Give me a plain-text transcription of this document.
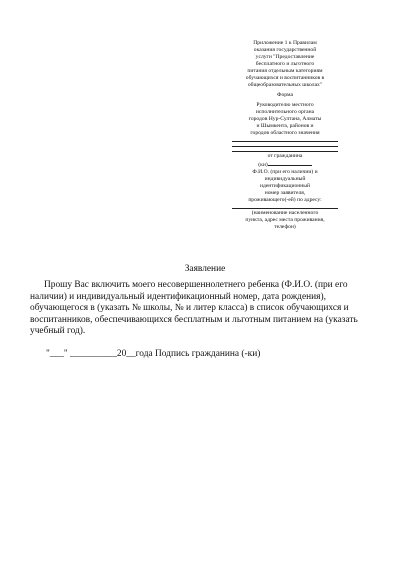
Приложение 1 к Правилам
оказания государственной
услуги "Предоставление
бесплатного и льготного
питания отдельным категориям
обучающихся и воспитанников в
общеобразовательных школах"
Форма
Руководителю местного
исполнительного органа
городов Нур-Султана, Алматы
и Шымкента, районов и
городов областного значения
от гражданина
(ки)
Ф.И.О. (при его наличии) и
индивидуальный
идентификационный
номер заявителя,
проживающего(-ей) по адресу:
(наименование населенного
пункта, адрес места проживания,
телефон)
Заявление

Прошу Вас включить моего несовершеннолетнего ребенка (Ф.И.О. (при его наличии) и индивидуальный идентификационный номер, дата рождения), обучающегося в (указать № школы, № и литер класса) в список обучающихся и воспитанников, обеспечивающихся бесплатным и льготным питанием на (указать учебный год).

"___" __________20__года Подпись гражданина (-ки)
